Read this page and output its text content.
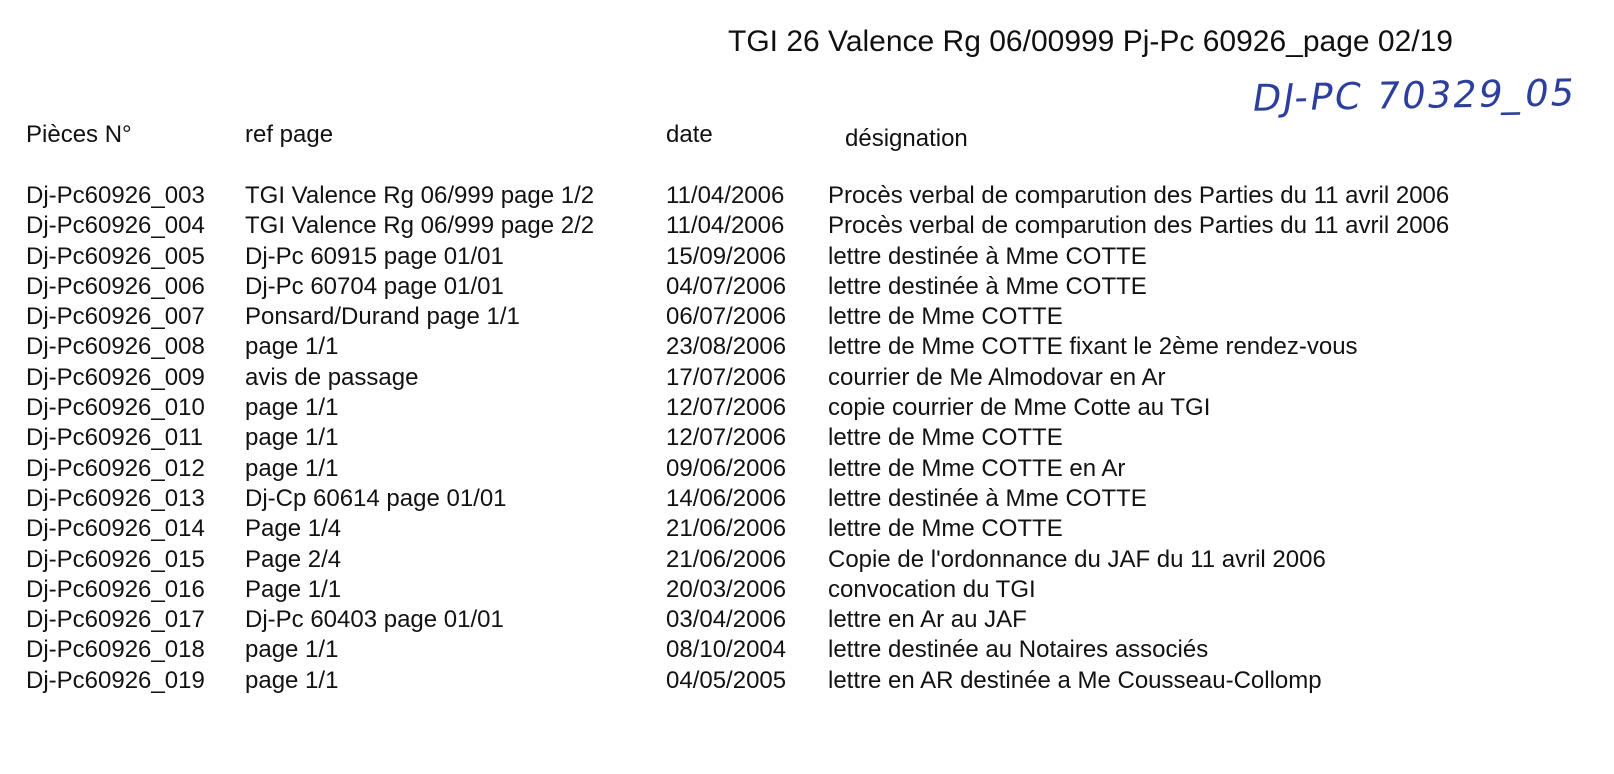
TGI 26 Valence Rg 06/00999 Pj-Pc 60926_page 02/19
DJ-PC 70329_05
Pièces N°	ref page	date	désignation
Dj-Pc60926_003 TGI Valence Rg 06/999 page 1/2	11/04/2006 Procès verbal de comparution des Parties du 11 avril 2006
Dj-Pc60926_004 TGI Valence Rg 06/999 page 2/2	11/04/2006 Procès verbal de comparution des Parties du 11 avril 2006
Dj-Pc60926_005 Dj-Pc 60915 page 01/01	15/09/2006 lettre destinée à Mme COTTE
Dj-Pc60926_006 Dj-Pc 60704 page 01/01	04/07/2006 lettre destinée à Mme COTTE
Dj-Pc60926_007 Ponsard/Durand page 1/1	06/07/2006 lettre de Mme COTTE
Dj-Pc60926_008 page 1/1	23/08/2006 lettre de Mme COTTE fixant le 2ème rendez-vous
Dj-Pc60926_009 avis de passage	17/07/2006 courrier de Me Almodovar en Ar
Dj-Pc60926_010 page 1/1	12/07/2006 copie courrier de Mme Cotte au TGI
Dj-Pc60926_011 page 1/1	12/07/2006 lettre de Mme COTTE
Dj-Pc60926_012 page 1/1	09/06/2006 lettre de Mme COTTE en Ar
Dj-Pc60926_013 Dj-Cp 60614 page 01/01	14/06/2006 lettre destinée à Mme COTTE
Dj-Pc60926_014 Page 1/4	21/06/2006 lettre de Mme COTTE
Dj-Pc60926_015 Page 2/4	21/06/2006 Copie de l'ordonnance du JAF du 11 avril 2006
Dj-Pc60926_016 Page 1/1	20/03/2006 convocation du TGI
Dj-Pc60926_017 Dj-Pc 60403 page 01/01	03/04/2006 lettre en Ar au JAF
Dj-Pc60926_018 page 1/1	08/10/2004 lettre destinée au Notaires associés
Dj-Pc60926_019 page 1/1	04/05/2005 lettre en AR destinée a Me Cousseau-Collomp
